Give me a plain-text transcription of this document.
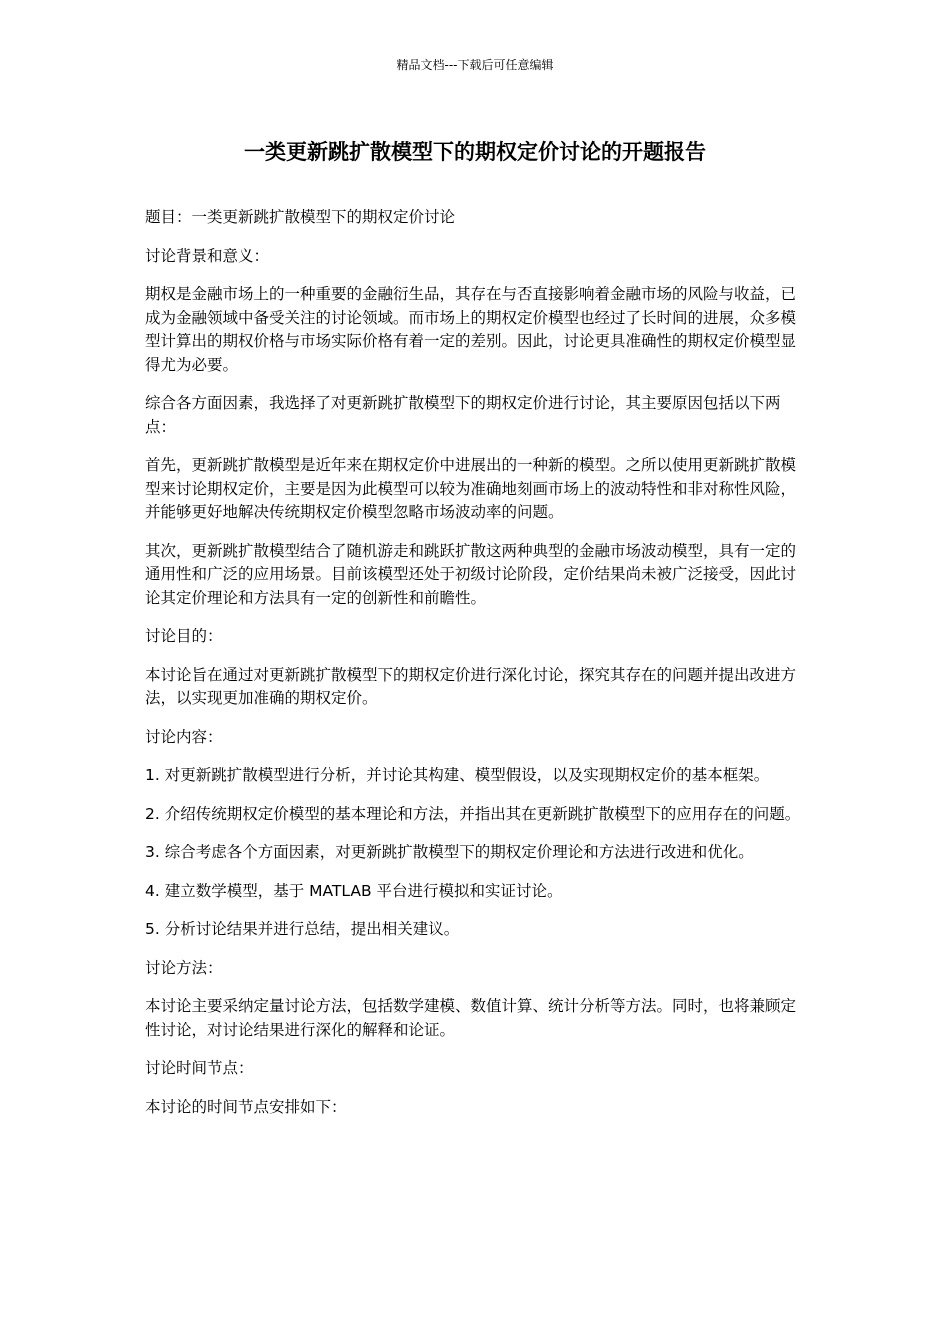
精品文档---下载后可任意编辑
一类更新跳扩散模型下的期权定价讨论的开题报告

题目：一类更新跳扩散模型下的期权定价讨论

讨论背景和意义：

期权是金融市场上的一种重要的金融衍生品，其存在与否直接影响着金融市场的风险与收益，已成为金融领域中备受关注的讨论领域。而市场上的期权定价模型也经过了长时间的进展，众多模型计算出的期权价格与市场实际价格有着一定的差别。因此，讨论更具准确性的期权定价模型显得尤为必要。

综合各方面因素，我选择了对更新跳扩散模型下的期权定价进行讨论，其主要原因包括以下两点：

首先，更新跳扩散模型是近年来在期权定价中进展出的一种新的模型。之所以使用更新跳扩散模型来讨论期权定价，主要是因为此模型可以较为准确地刻画市场上的波动特性和非对称性风险，并能够更好地解决传统期权定价模型忽略市场波动率的问题。

其次，更新跳扩散模型结合了随机游走和跳跃扩散这两种典型的金融市场波动模型，具有一定的通用性和广泛的应用场景。目前该模型还处于初级讨论阶段，定价结果尚未被广泛接受，因此讨论其定价理论和方法具有一定的创新性和前瞻性。

讨论目的：

本讨论旨在通过对更新跳扩散模型下的期权定价进行深化讨论，探究其存在的问题并提出改进方法，以实现更加准确的期权定价。

讨论内容：

1. 对更新跳扩散模型进行分析，并讨论其构建、模型假设，以及实现期权定价的基本框架。

2. 介绍传统期权定价模型的基本理论和方法，并指出其在更新跳扩散模型下的应用存在的问题。

3. 综合考虑各个方面因素，对更新跳扩散模型下的期权定价理论和方法进行改进和优化。

4. 建立数学模型，基于 MATLAB 平台进行模拟和实证讨论。

5. 分析讨论结果并进行总结，提出相关建议。

讨论方法：

本讨论主要采纳定量讨论方法，包括数学建模、数值计算、统计分析等方法。同时，也将兼顾定性讨论，对讨论结果进行深化的解释和论证。

讨论时间节点：

本讨论的时间节点安排如下：
